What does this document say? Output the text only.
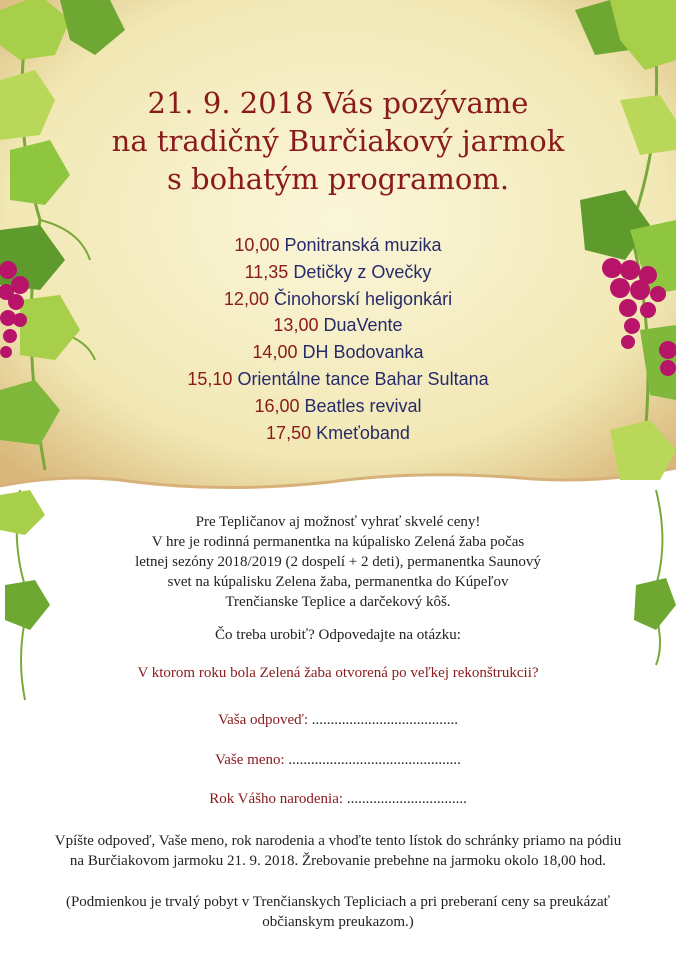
21. 9. 2018 Vás pozývame
na tradičný Burčiakový jarmok
s bohatým programom.
10,00 Ponitranská muzika
11,35 Detičky z Ovečky
12,00 Činohorskí heligonkári
13,00 DuaVente
14,00 DH Bodovanka
15,10 Orientálne tance Bahar Sultana
16,00 Beatles revival
17,50 Kmeťoband
Pre Tepličanov aj možnosť vyhrať skvelé ceny!
V hre je rodinná permanentka na kúpalisko Zelená žaba počas
letnej sezóny 2018/2019 (2 dospelí + 2 deti), permanentka Saunový
svet na kúpalisku Zelena žaba, permanentka do Kúpeľov
Trenčianske Teplice a darčekový kôš.
Čo treba urobiť? Odpovedajte na otázku:
V ktorom roku bola Zelená žaba otvorená po veľkej rekonštrukcii?
Vaša odpoveď: .......................................
Vaše meno: ..............................................
Rok Vášho narodenia: ................................
Vpíšte odpoveď, Vaše meno, rok narodenia a vhoďte tento lístok do schránky priamo na pódiu
na Burčiakovom jarmoku 21. 9. 2018. Žrebovanie prebehne na jarmoku okolo 18,00 hod.
(Podmienkou je trvalý pobyt v Trenčianskych Tepliciach a pri preberaní ceny sa preukázať
občianskym preukazom.)
